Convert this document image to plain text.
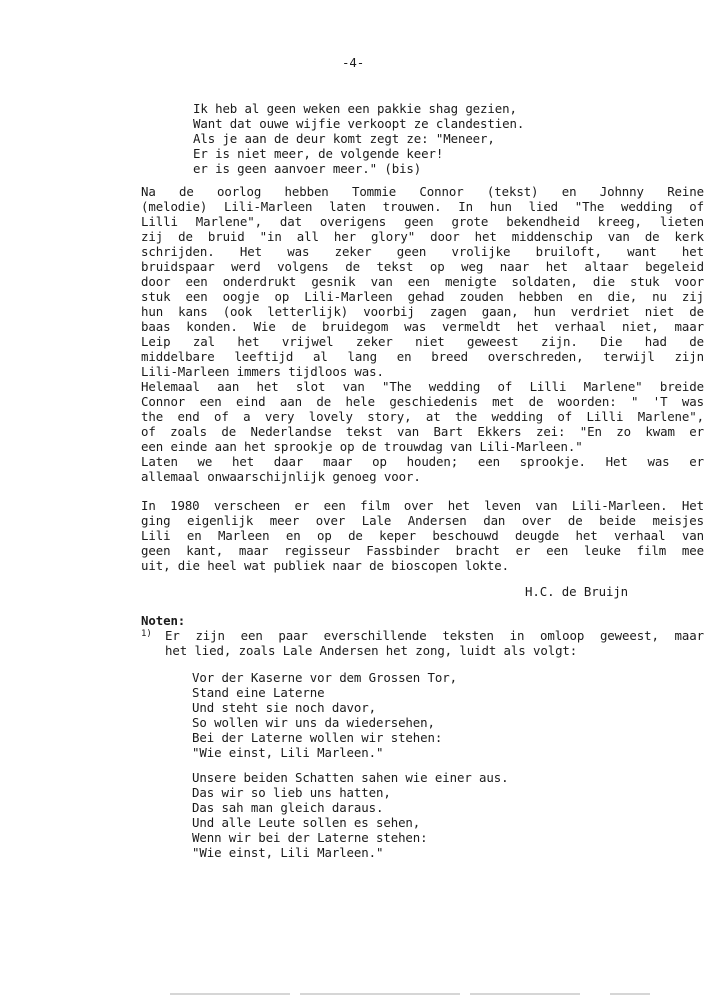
-4-
Ik heb al geen weken een pakkie shag gezien,
Want dat ouwe wijfie verkoopt ze clandestien.
Als je aan de deur komt zegt ze: "Meneer,
Er is niet meer, de volgende keer!
er is geen aanvoer meer." (bis)
Na de oorlog hebben Tommie Connor (tekst) en Johnny Reine
(melodie) Lili-Marleen laten trouwen. In hun lied "The wedding of
Lilli Marlene", dat overigens geen grote bekendheid kreeg, lieten
zij de bruid "in all her glory" door het middenschip van de kerk
schrijden. Het was zeker geen vrolijke bruiloft, want het
bruidspaar werd volgens de tekst op weg naar het altaar begeleid
door een onderdrukt gesnik van een menigte soldaten, die stuk voor
stuk een oogje op Lili-Marleen gehad zouden hebben en die, nu zij
hun kans (ook letterlijk) voorbij zagen gaan, hun verdriet niet de
baas konden. Wie de bruidegom was vermeldt het verhaal niet, maar
Leip zal het vrijwel zeker niet geweest zijn. Die had de
middelbare leeftijd al lang en breed overschreden, terwijl zijn
Lili-Marleen immers tijdloos was.
Helemaal aan het slot van "The wedding of Lilli Marlene" breide
Connor een eind aan de hele geschiedenis met de woorden: " 'T was
the end of a very lovely story, at the wedding of Lilli Marlene",
of zoals de Nederlandse tekst van Bart Ekkers zei: "En zo kwam er
een einde aan het sprookje op de trouwdag van Lili-Marleen."
Laten we het daar maar op houden; een sprookje. Het was er
allemaal onwaarschijnlijk genoeg voor.
In 1980 verscheen er een film over het leven van Lili-Marleen. Het
ging eigenlijk meer over Lale Andersen dan over de beide meisjes
Lili en Marleen en op de keper beschouwd deugde het verhaal van
geen kant, maar regisseur Fassbinder bracht er een leuke film mee
uit, die heel wat publiek naar de bioscopen lokte.
H.C. de Bruijn
Noten:
1) Er zijn een paar everschillende teksten in omloop geweest, maar
het lied, zoals Lale Andersen het zong, luidt als volgt:
Vor der Kaserne vor dem Grossen Tor,
Stand eine Laterne
Und steht sie noch davor,
So wollen wir uns da wiedersehen,
Bei der Laterne wollen wir stehen:
"Wie einst, Lili Marleen."
Unsere beiden Schatten sahen wie einer aus.
Das wir so lieb uns hatten,
Das sah man gleich daraus.
Und alle Leute sollen es sehen,
Wenn wir bei der Laterne stehen:
"Wie einst, Lili Marleen."
